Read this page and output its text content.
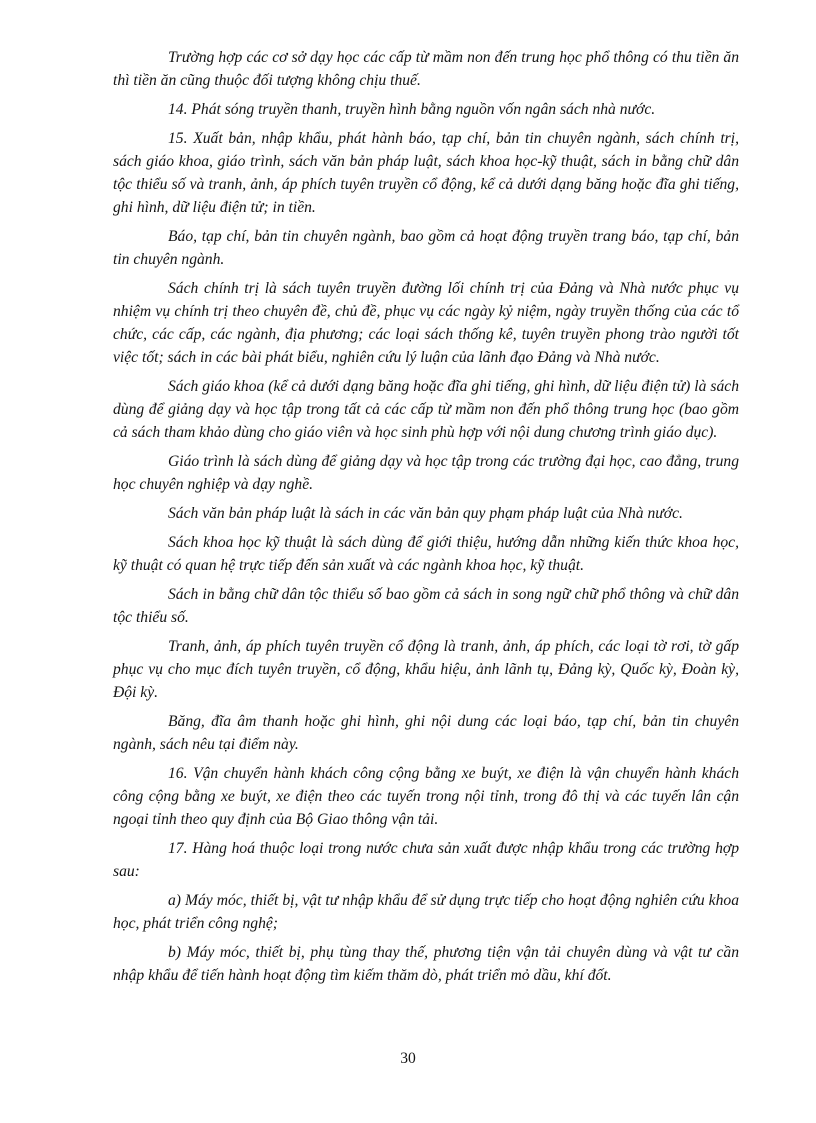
Trường hợp các cơ sở dạy học các cấp từ mầm non đến trung học phổ thông có thu tiền ăn thì tiền ăn cũng thuộc đối tượng không chịu thuế.

14. Phát sóng truyền thanh, truyền hình bằng nguồn vốn ngân sách nhà nước.

15. Xuất bản, nhập khẩu, phát hành báo, tạp chí, bản tin chuyên ngành, sách chính trị, sách giáo khoa, giáo trình, sách văn bản pháp luật, sách khoa học-kỹ thuật, sách in bằng chữ dân tộc thiểu số và tranh, ảnh, áp phích tuyên truyền cổ động, kể cả dưới dạng băng hoặc đĩa ghi tiếng, ghi hình, dữ liệu điện tử; in tiền.

Báo, tạp chí, bản tin chuyên ngành, bao gồm cả hoạt động truyền trang báo, tạp chí, bản tin chuyên ngành.

Sách chính trị là sách tuyên truyền đường lối chính trị của Đảng và Nhà nước phục vụ nhiệm vụ chính trị theo chuyên đề, chủ đề, phục vụ các ngày kỷ niệm, ngày truyền thống của các tổ chức, các cấp, các ngành, địa phương; các loại sách thống kê, tuyên truyền phong trào người tốt việc tốt; sách in các bài phát biểu, nghiên cứu lý luận của lãnh đạo Đảng và Nhà nước.

Sách giáo khoa (kể cả dưới dạng băng hoặc đĩa ghi tiếng, ghi hình, dữ liệu điện tử) là sách dùng để giảng dạy và học tập trong tất cả các cấp từ mầm non đến phổ thông trung học (bao gồm cả sách tham khảo dùng cho giáo viên và học sinh phù hợp với nội dung chương trình giáo dục).

Giáo trình là sách dùng để giảng dạy và học tập trong các trường đại học, cao đẳng, trung học chuyên nghiệp và dạy nghề.

Sách văn bản pháp luật là sách in các văn bản quy phạm pháp luật của Nhà nước.

Sách khoa học kỹ thuật là sách dùng để giới thiệu, hướng dẫn những kiến thức khoa học, kỹ thuật có quan hệ trực tiếp đến sản xuất và các ngành khoa học, kỹ thuật.

Sách in bằng chữ dân tộc thiểu số bao gồm cả sách in song ngữ chữ phổ thông và chữ dân tộc thiểu số.

Tranh, ảnh, áp phích tuyên truyền cổ động là tranh, ảnh, áp phích, các loại tờ rơi, tờ gấp phục vụ cho mục đích tuyên truyền, cổ động, khẩu hiệu, ảnh lãnh tụ, Đảng kỳ, Quốc kỳ, Đoàn kỳ, Đội kỳ.

Băng, đĩa âm thanh hoặc ghi hình, ghi nội dung các loại báo, tạp chí, bản tin chuyên ngành, sách nêu tại điểm này.

16. Vận chuyển hành khách công cộng bằng xe buýt, xe điện là vận chuyển hành khách công cộng bằng xe buýt, xe điện theo các tuyến trong nội tỉnh, trong đô thị và các tuyến lân cận ngoại tỉnh theo quy định của Bộ Giao thông vận tải.

17. Hàng hoá thuộc loại trong nước chưa sản xuất được nhập khẩu trong các trường hợp sau:

a) Máy móc, thiết bị, vật tư nhập khẩu để sử dụng trực tiếp cho hoạt động nghiên cứu khoa học, phát triển công nghệ;

b) Máy móc, thiết bị, phụ tùng thay thế, phương tiện vận tải chuyên dùng và vật tư cần nhập khẩu để tiến hành hoạt động tìm kiếm thăm dò, phát triển mỏ dầu, khí đốt.

30
